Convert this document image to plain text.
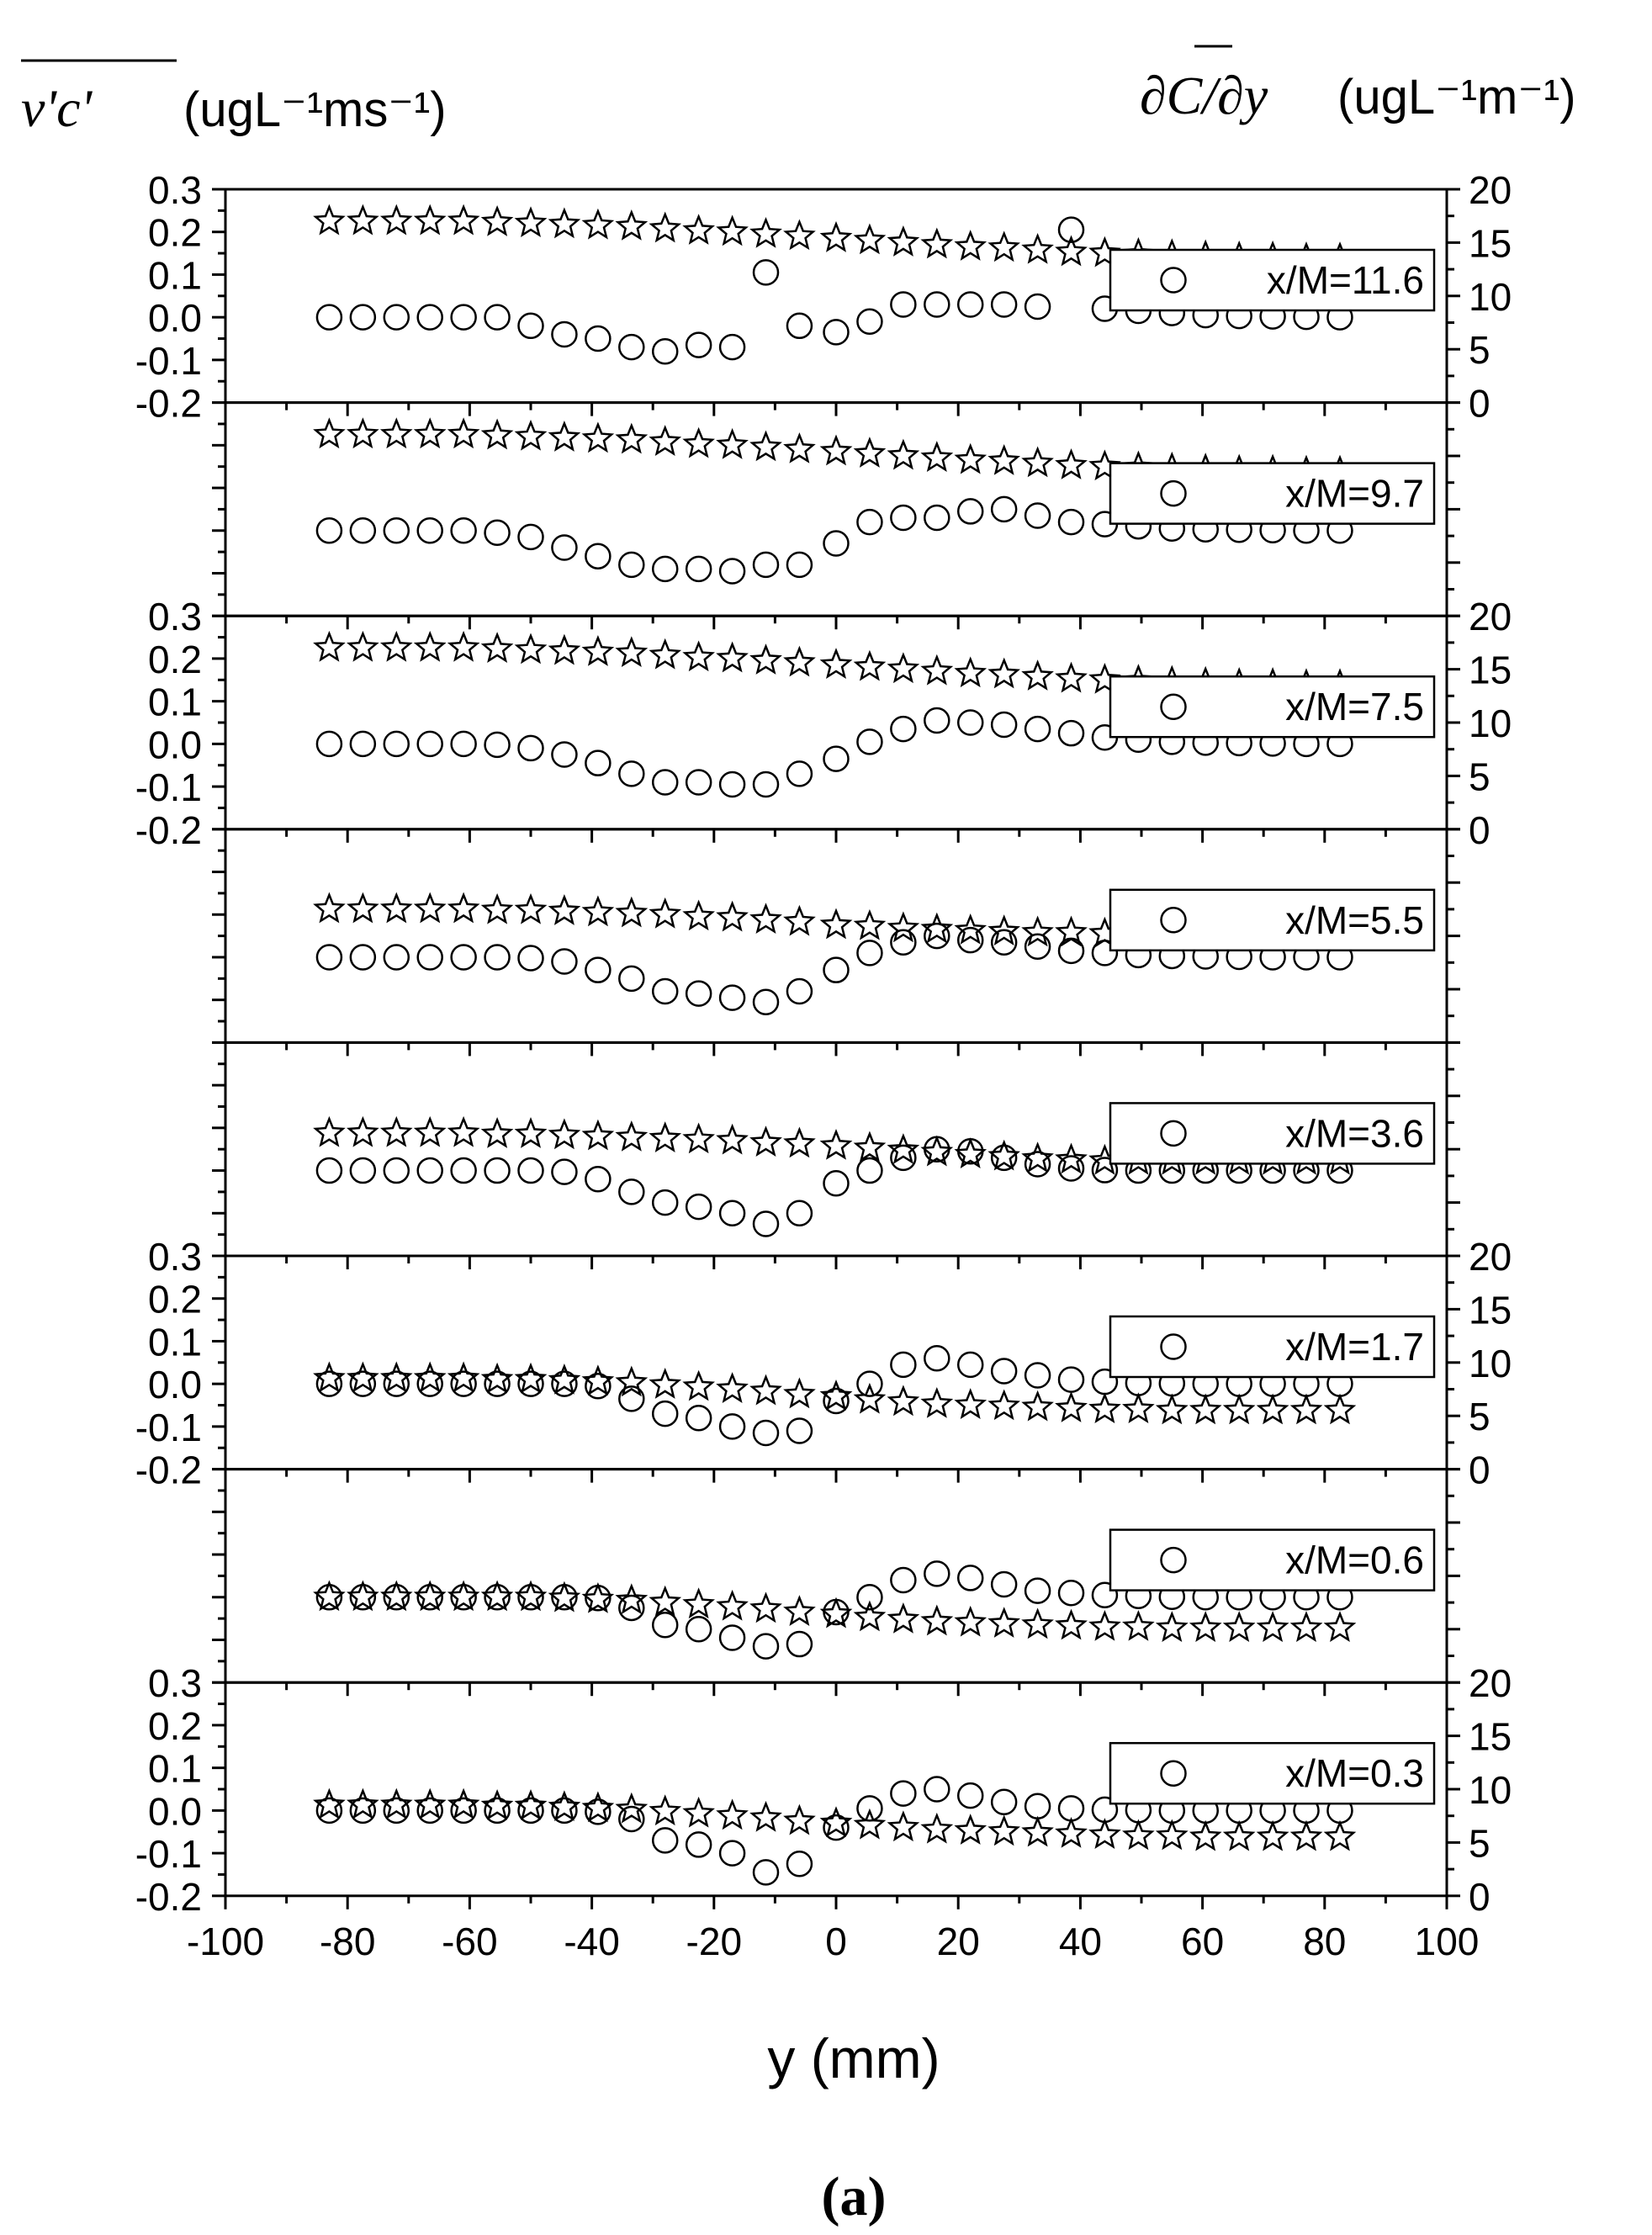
v'c' (ugL⁻¹ms⁻¹)	∂C/∂y (ugL⁻¹m⁻¹)
0.3
0.2
0.1
0.0
-0.1
-0.2
20
15
10
5
0
x/M=11.6
x/M=9.7
0.3
0.2
0.1
0.0
-0.1
-0.2
20
15
10
5
0
x/M=7.5
x/M=5.5
x/M=3.6
0.3
0.2
0.1
0.0
-0.1
-0.2
20
15
10
5
0
x/M=1.7
x/M=0.6
0.3
0.2
0.1
0.0
-0.1
-0.2
20
15
10
5
0
x/M=0.3
-100 -80 -60 -40 -20 0 20 40 60 80 100
y (mm)
(a)
